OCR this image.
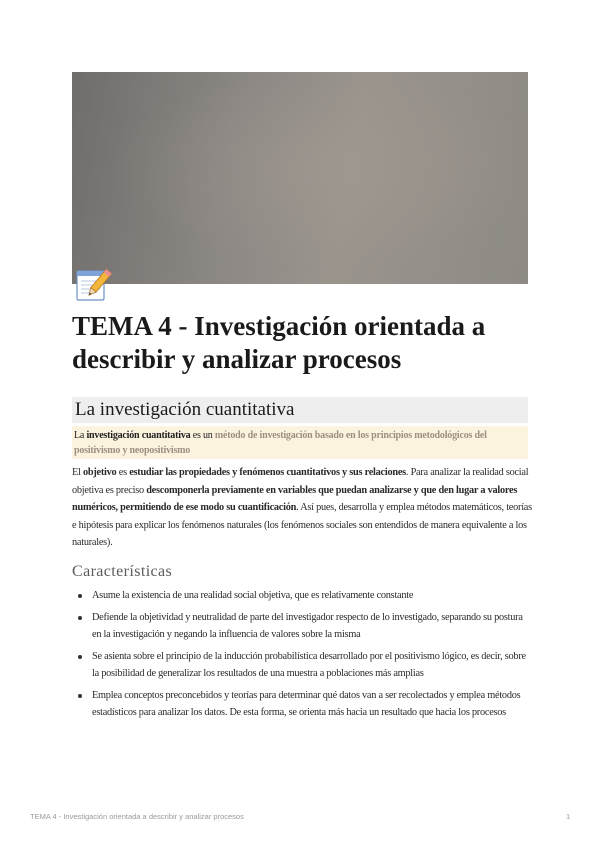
TEMA 4 - Investigación orientada a describir y analizar procesos
La investigación cuantitativa
La investigación cuantitativa es un método de investigación basado en los principios metodológicos del positivismo y neopositivismo

El objetivo es estudiar las propiedades y fenómenos cuantitativos y sus relaciones. Para analizar la realidad social objetiva es preciso descomponerla previamente en variables que puedan analizarse y que den lugar a valores numéricos, permitiendo de ese modo su cuantificación. Así pues, desarrolla y emplea métodos matemáticos, teorías e hipótesis para explicar los fenómenos naturales (los fenómenos sociales son entendidos de manera equivalente a los naturales).

Características
Asume la existencia de una realidad social objetiva, que es relativamente constante
Defiende la objetividad y neutralidad de parte del investigador respecto de lo investigado, separando su postura en la investigación y negando la influencia de valores sobre la misma
Se asienta sobre el principio de la inducción probabilística desarrollado por el positivismo lógico, es decir, sobre la posibilidad de generalizar los resultados de una muestra a poblaciones más amplias
Emplea conceptos preconcebidos y teorías para determinar qué datos van a ser recolectados y emplea métodos estadísticos para analizar los datos. De esta forma, se orienta más hacia un resultado que hacia los procesos
TEMA 4 - Investigación orientada a describir y analizar procesos	1
